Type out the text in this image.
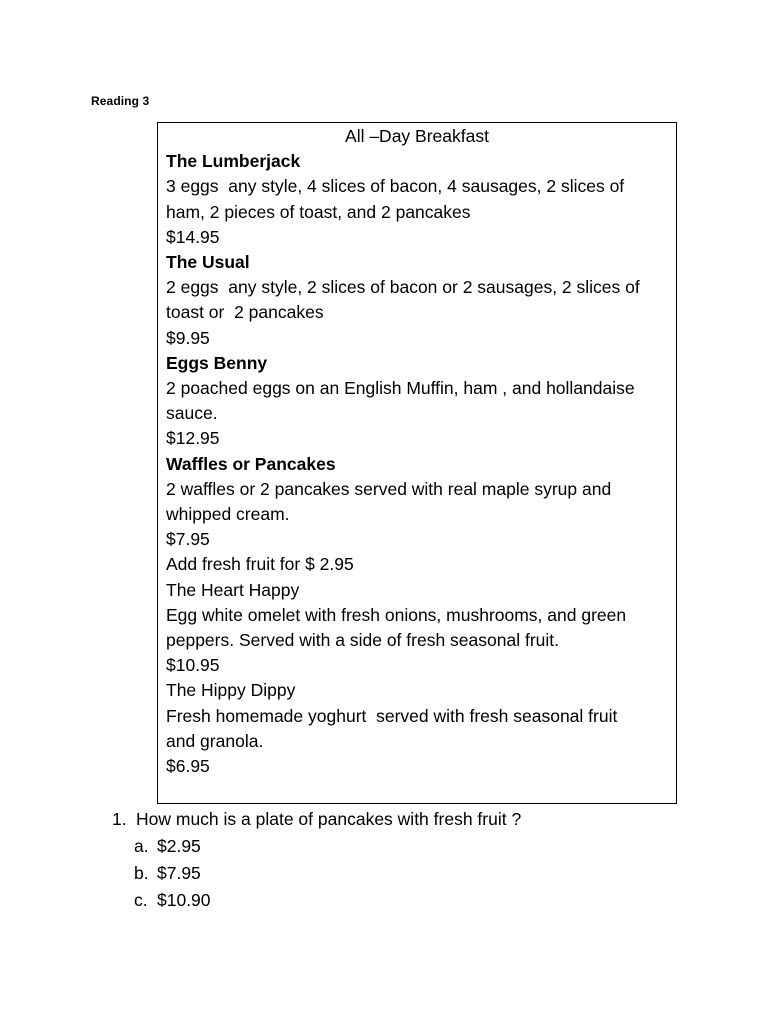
Reading 3

All –Day Breakfast

The Lumberjack

3 eggs  any style, 4 slices of bacon, 4 sausages, 2 slices of

ham, 2 pieces of toast, and 2 pancakes

$14.95

The Usual

2 eggs  any style, 2 slices of bacon or 2 sausages, 2 slices of

toast or  2 pancakes

$9.95

Eggs Benny

2 poached eggs on an English Muffin, ham , and hollandaise

sauce.

$12.95

Waffles or Pancakes

2 waffles or 2 pancakes served with real maple syrup and

whipped cream.

$7.95

Add fresh fruit for $ 2.95

The Heart Happy

Egg white omelet with fresh onions, mushrooms, and green

peppers. Served with a side of fresh seasonal fruit.

$10.95

The Hippy Dippy

Fresh homemade yoghurt  served with fresh seasonal fruit

and granola.

$6.95

1. How much is a plate of pancakes with fresh fruit ?

a. $2.95
b. $7.95
c. $10.90
